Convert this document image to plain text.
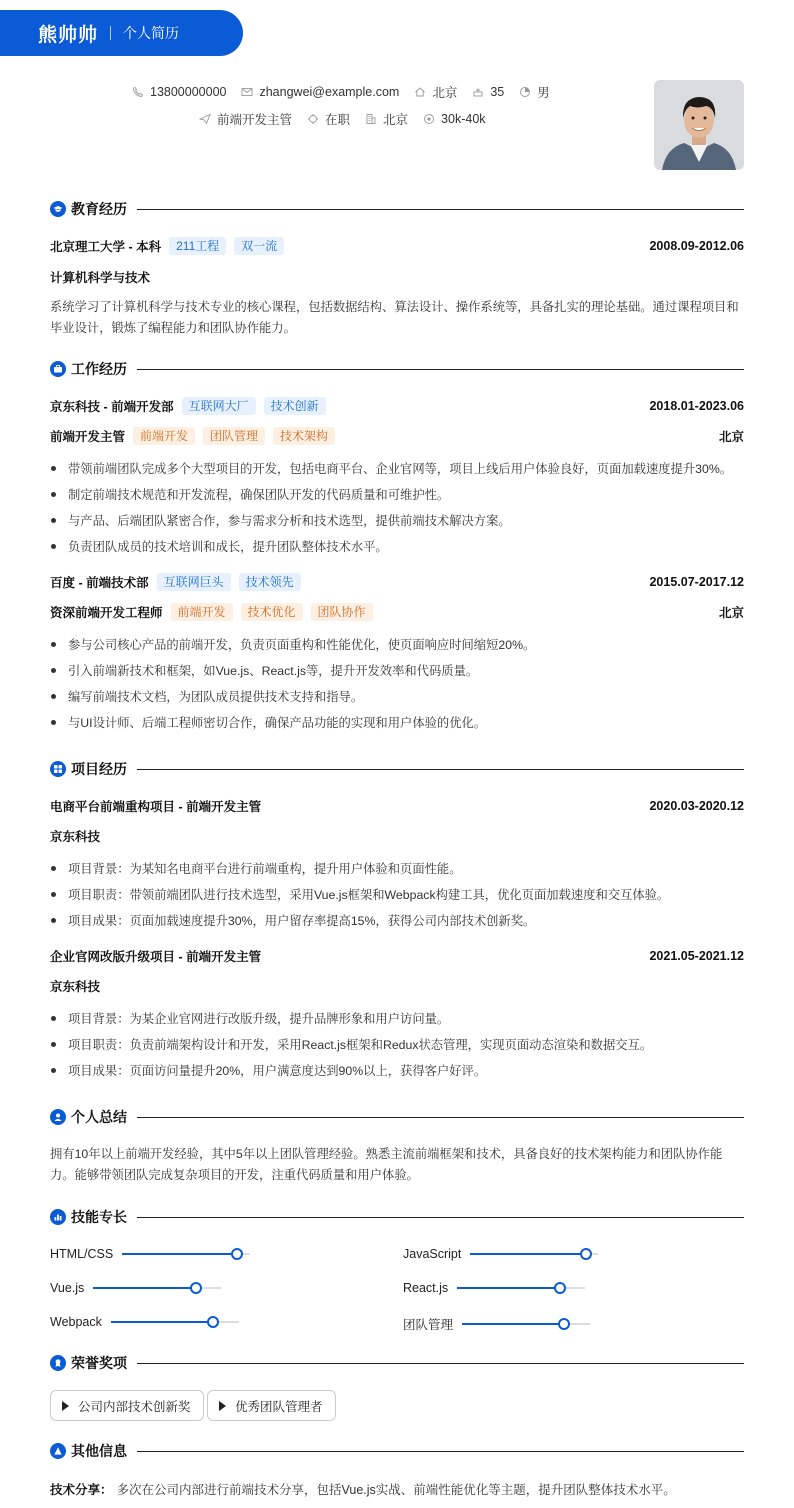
熊帅帅 个人简历
13800000000	zhangwei@example.com	北京	35	男
前端开发主管	在职	北京	30k-40k
教育经历
北京理工大学 - 本科	211工程	双一流	2008.09-2012.06
计算机科学与技术
系统学习了计算机科学与技术专业的核心课程，包括数据结构、算法设计、操作系统等，具备扎实的理论基础。通过课程项目和毕业设计，锻炼了编程能力和团队协作能力。
工作经历
京东科技 - 前端开发部	互联网大厂	技术创新	2018.01-2023.06
前端开发主管	前端开发	团队管理	技术架构	北京
带领前端团队完成多个大型项目的开发，包括电商平台、企业官网等，项目上线后用户体验良好，页面加载速度提升30%。
制定前端技术规范和开发流程，确保团队开发的代码质量和可维护性。
与产品、后端团队紧密合作，参与需求分析和技术选型，提供前端技术解决方案。
负责团队成员的技术培训和成长，提升团队整体技术水平。
百度 - 前端技术部	互联网巨头	技术领先	2015.07-2017.12
资深前端开发工程师	前端开发	技术优化	团队协作	北京
参与公司核心产品的前端开发，负责页面重构和性能优化，使页面响应时间缩短20%。
引入前端新技术和框架，如Vue.js、React.js等，提升开发效率和代码质量。
编写前端技术文档，为团队成员提供技术支持和指导。
与UI设计师、后端工程师密切合作，确保产品功能的实现和用户体验的优化。
项目经历
电商平台前端重构项目 - 前端开发主管	2020.03-2020.12
京东科技
项目背景：为某知名电商平台进行前端重构，提升用户体验和页面性能。
项目职责：带领前端团队进行技术选型，采用Vue.js框架和Webpack构建工具，优化页面加载速度和交互体验。
项目成果：页面加载速度提升30%，用户留存率提高15%，获得公司内部技术创新奖。
企业官网改版升级项目 - 前端开发主管	2021.05-2021.12
京东科技
项目背景：为某企业官网进行改版升级，提升品牌形象和用户访问量。
项目职责：负责前端架构设计和开发，采用React.js框架和Redux状态管理，实现页面动态渲染和数据交互。
项目成果：页面访问量提升20%，用户满意度达到90%以上，获得客户好评。
个人总结
拥有10年以上前端开发经验，其中5年以上团队管理经验。熟悉主流前端框架和技术，具备良好的技术架构能力和团队协作能力。能够带领团队完成复杂项目的开发，注重代码质量和用户体验。
技能专长
HTML/CSS	JavaScript
Vue.js	React.js
Webpack	团队管理
荣誉奖项
公司内部技术创新奖	优秀团队管理者
其他信息
技术分享： 多次在公司内部进行前端技术分享，包括Vue.js实战、前端性能优化等主题，提升团队整体技术水平。
